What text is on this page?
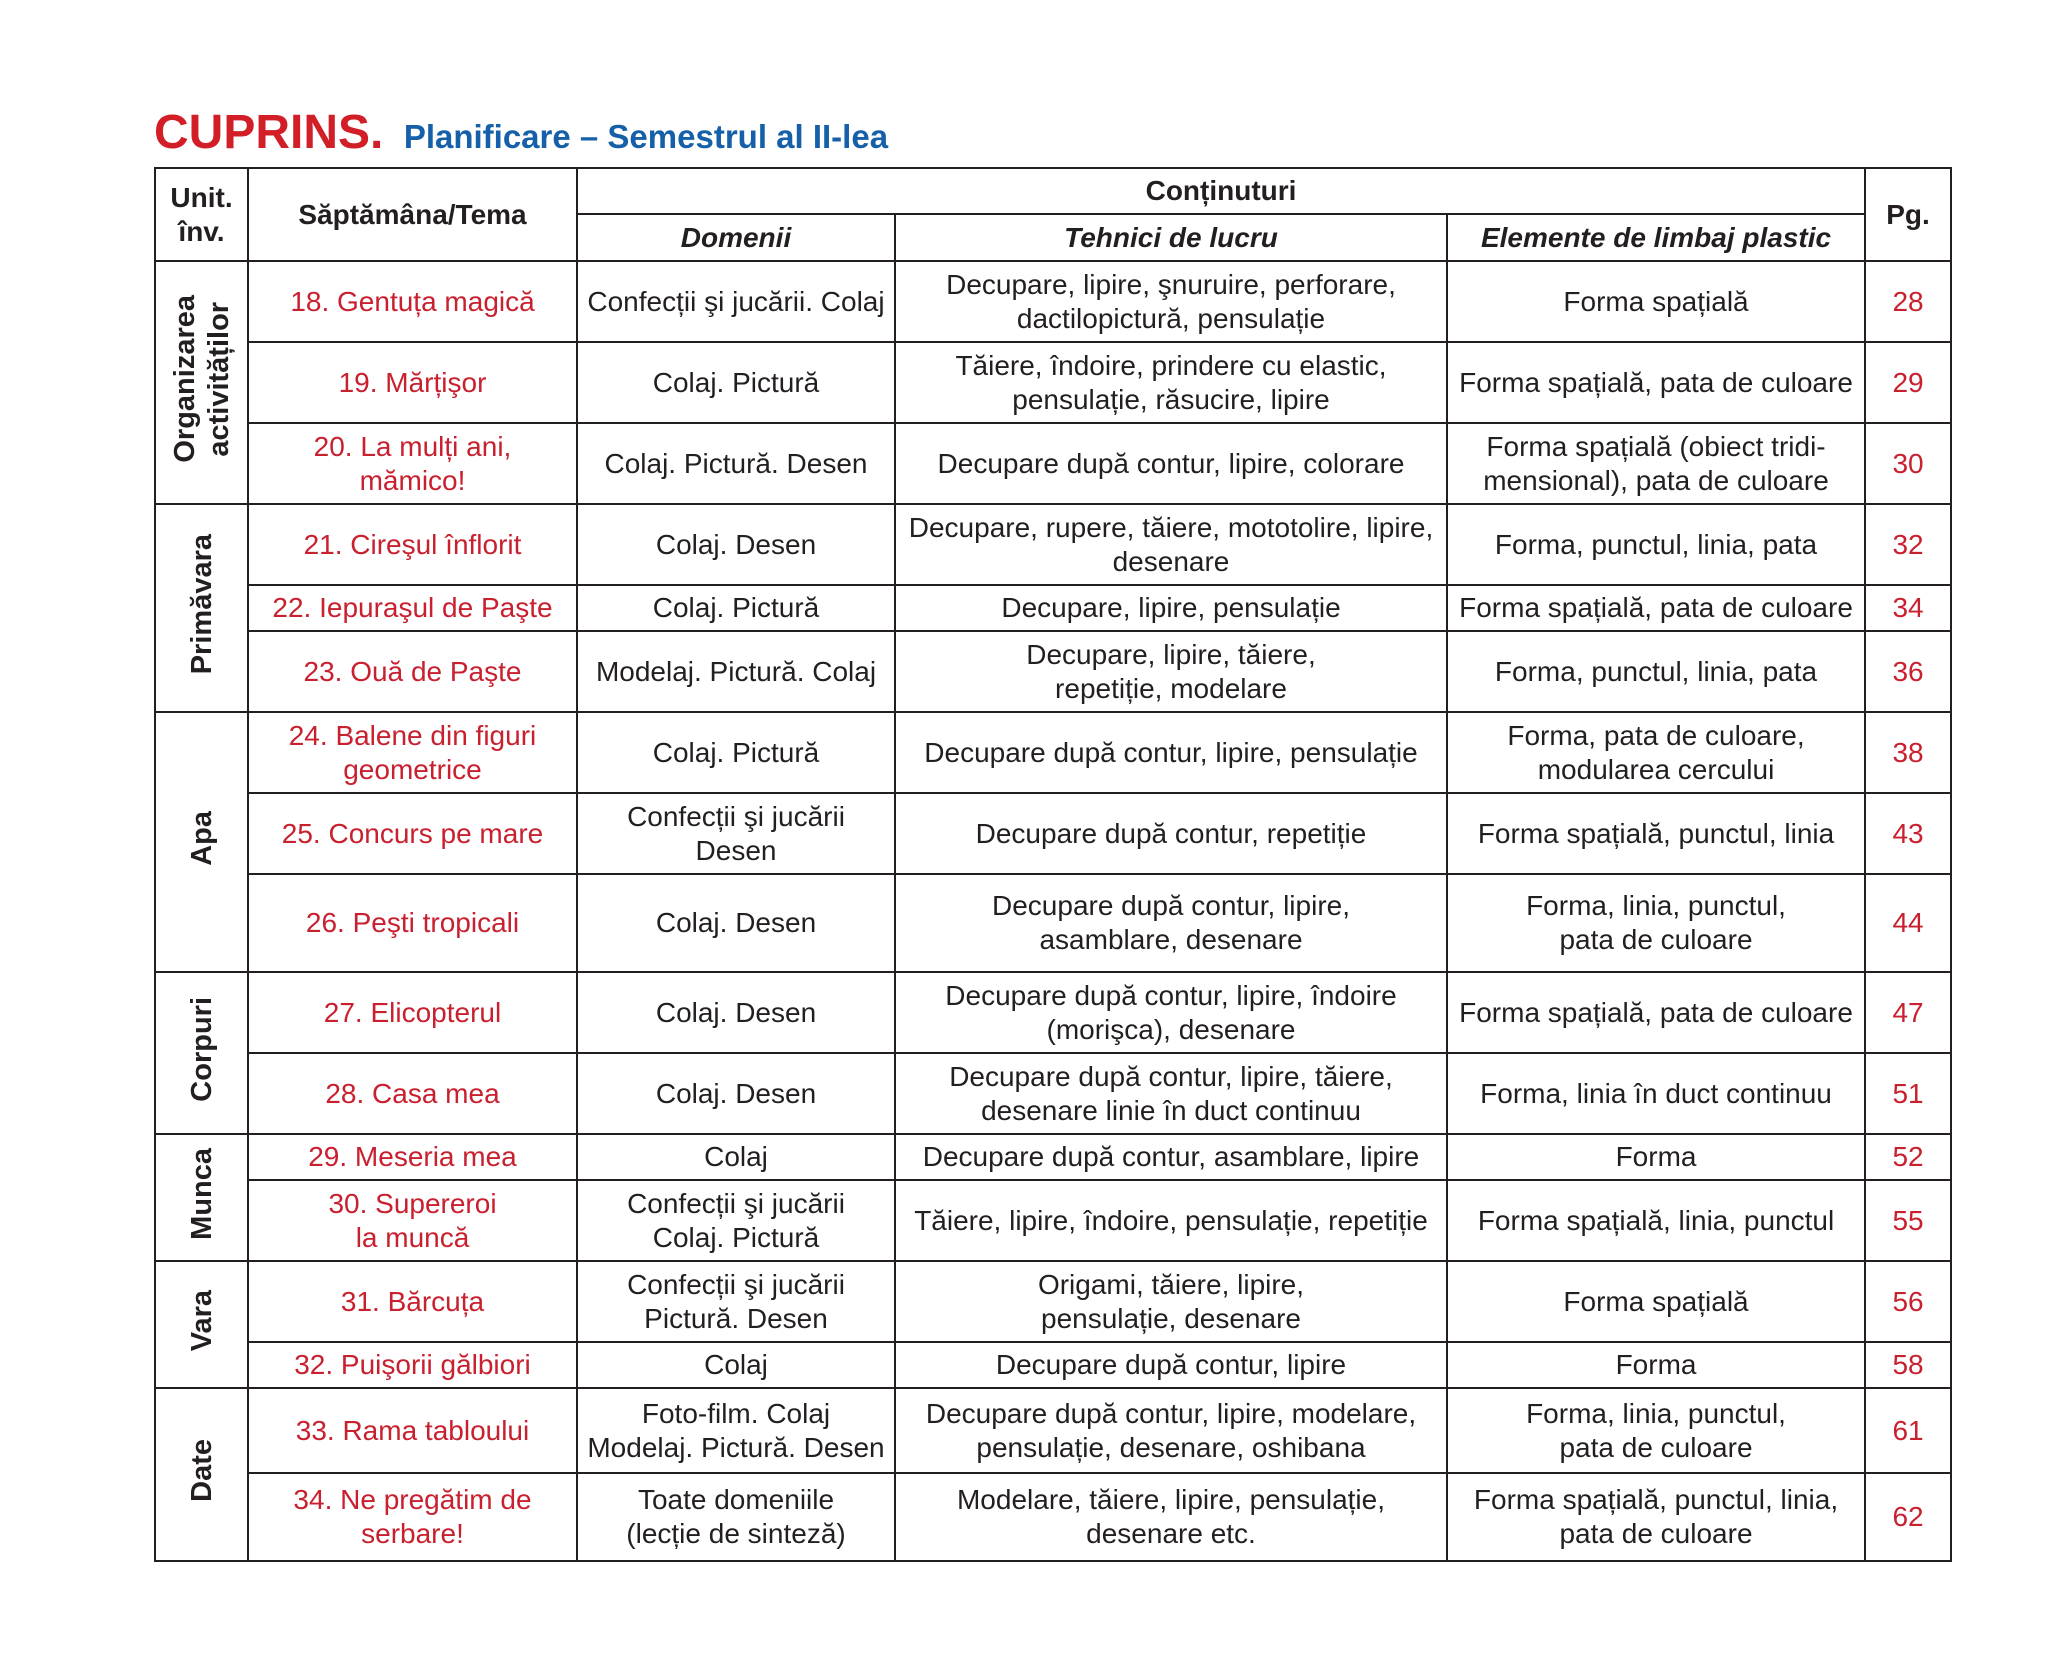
CUPRINS. Planificare – Semestrul al II-lea
Unit.
înv.	Săptămâna/Tema	Conținuturi			Pg.
		Domenii	Tehnici de lucru	Elemente de limbaj plastic	
Organizarea
activităților	18. Gentuța magică	Confecții şi jucării. Colaj	Decupare, lipire, şnuruire, perforare,
dactilopictură, pensulație	Forma spațială	28
	19. Mărțişor	Colaj. Pictură	Tăiere, îndoire, prindere cu elastic,
pensulație, răsucire, lipire	Forma spațială, pata de culoare	29
	20. La mulți ani,
mămico!	Colaj. Pictură. Desen	Decupare după contur, lipire, colorare	Forma spațială (obiect tridi-
mensional), pata de culoare	30
Primăvara	21. Cireşul înflorit	Colaj. Desen	Decupare, rupere, tăiere, mototolire, lipire,
desenare	Forma, punctul, linia, pata	32
	22. Iepuraşul de Paşte	Colaj. Pictură	Decupare, lipire, pensulație	Forma spațială, pata de culoare	34
	23. Ouă de Paşte	Modelaj. Pictură. Colaj	Decupare, lipire, tăiere,
repetiție, modelare	Forma, punctul, linia, pata	36
Apa	24. Balene din figuri
geometrice	Colaj. Pictură	Decupare după contur, lipire, pensulație	Forma, pata de culoare,
modularea cercului	38
	25. Concurs pe mare	Confecții şi jucării
Desen	Decupare după contur, repetiție	Forma spațială, punctul, linia	43
	26. Peşti tropicali	Colaj. Desen	Decupare după contur, lipire,
asamblare, desenare	Forma, linia, punctul,
pata de culoare	44
Corpuri	27. Elicopterul	Colaj. Desen	Decupare după contur, lipire, îndoire
(morişca), desenare	Forma spațială, pata de culoare	47
	28. Casa mea	Colaj. Desen	Decupare după contur, lipire, tăiere,
desenare linie în duct continuu	Forma, linia în duct continuu	51
Munca	29. Meseria mea	Colaj	Decupare după contur, asamblare, lipire	Forma	52
	30. Supereroi
la muncă	Confecții şi jucării
Colaj. Pictură	Tăiere, lipire, îndoire, pensulație, repetiție	Forma spațială, linia, punctul	55
Vara	31. Bărcuța	Confecții şi jucării
Pictură. Desen	Origami, tăiere, lipire,
pensulație, desenare	Forma spațială	56
	32. Puişorii gălbiori	Colaj	Decupare după contur, lipire	Forma	58
Date	33. Rama tabloului	Foto-film. Colaj
Modelaj. Pictură. Desen	Decupare după contur, lipire, modelare,
pensulație, desenare, oshibana	Forma, linia, punctul,
pata de culoare	61
	34. Ne pregătim de
serbare!	Toate domeniile
(lecție de sinteză)	Modelare, tăiere, lipire, pensulație,
desenare etc.	Forma spațială, punctul, linia,
pata de culoare	62
